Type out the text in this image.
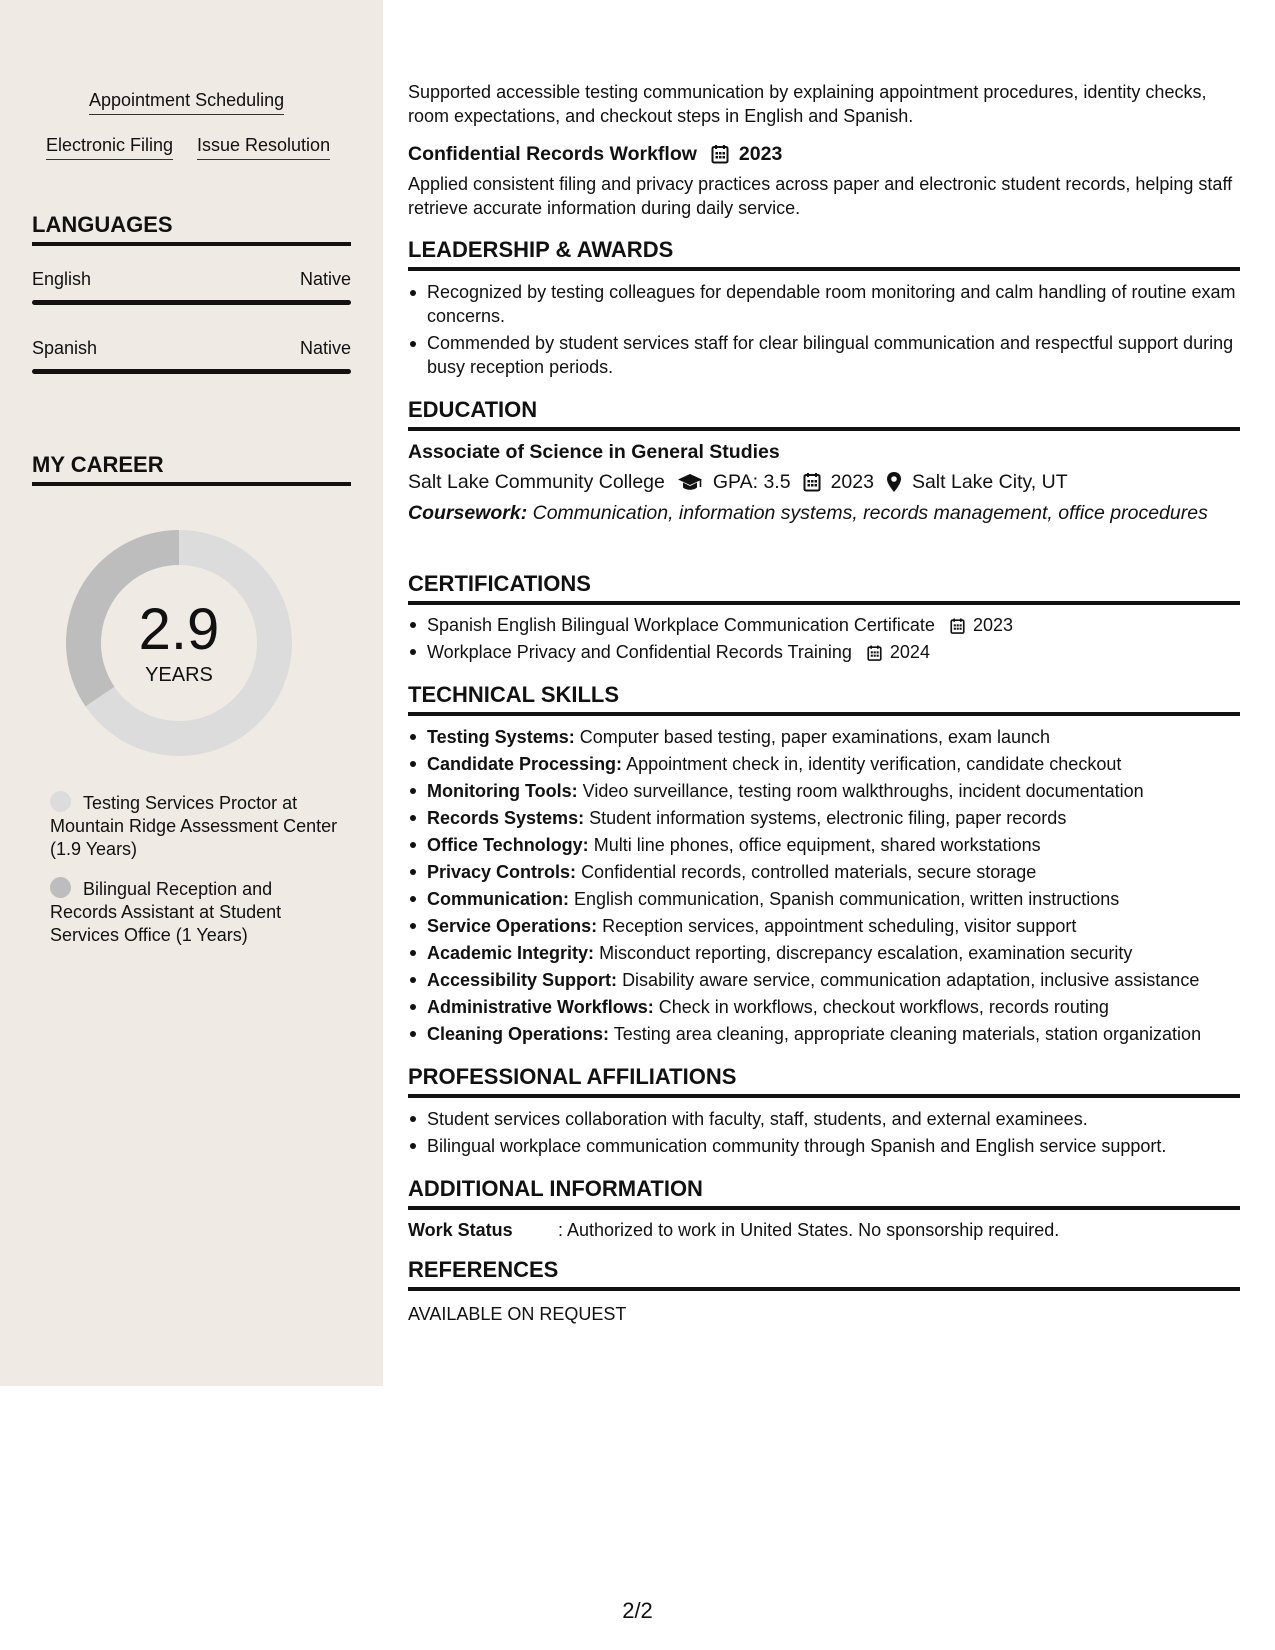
Appointment Scheduling
Electronic Filing Issue Resolution
LANGUAGES
English	Native
Spanish	Native
MY CAREER
2.9
YEARS
Testing Services Proctor at Mountain Ridge Assessment Center (1.9 Years)
Bilingual Reception and Records Assistant at Student Services Office (1 Years)
Supported accessible testing communication by explaining appointment procedures, identity checks, room expectations, and checkout steps in English and Spanish.
Confidential Records Workflow 2023
Applied consistent filing and privacy practices across paper and electronic student records, helping staff retrieve accurate information during daily service.
LEADERSHIP & AWARDS
Recognized by testing colleagues for dependable room monitoring and calm handling of routine exam concerns.
Commended by student services staff for clear bilingual communication and respectful support during busy reception periods.
EDUCATION
Associate of Science in General Studies
Salt Lake Community College GPA: 3.5 2023 Salt Lake City, UT
Coursework: Communication, information systems, records management, office procedures
CERTIFICATIONS
Spanish English Bilingual Workplace Communication Certificate 2023
Workplace Privacy and Confidential Records Training 2024
TECHNICAL SKILLS
Testing Systems: Computer based testing, paper examinations, exam launch
Candidate Processing: Appointment check in, identity verification, candidate checkout
Monitoring Tools: Video surveillance, testing room walkthroughs, incident documentation
Records Systems: Student information systems, electronic filing, paper records
Office Technology: Multi line phones, office equipment, shared workstations
Privacy Controls: Confidential records, controlled materials, secure storage
Communication: English communication, Spanish communication, written instructions
Service Operations: Reception services, appointment scheduling, visitor support
Academic Integrity: Misconduct reporting, discrepancy escalation, examination security
Accessibility Support: Disability aware service, communication adaptation, inclusive assistance
Administrative Workflows: Check in workflows, checkout workflows, records routing
Cleaning Operations: Testing area cleaning, appropriate cleaning materials, station organization
PROFESSIONAL AFFILIATIONS
Student services collaboration with faculty, staff, students, and external examinees.
Bilingual workplace communication community through Spanish and English service support.
ADDITIONAL INFORMATION
Work Status	: Authorized to work in United States. No sponsorship required.
REFERENCES
AVAILABLE ON REQUEST
2/2
